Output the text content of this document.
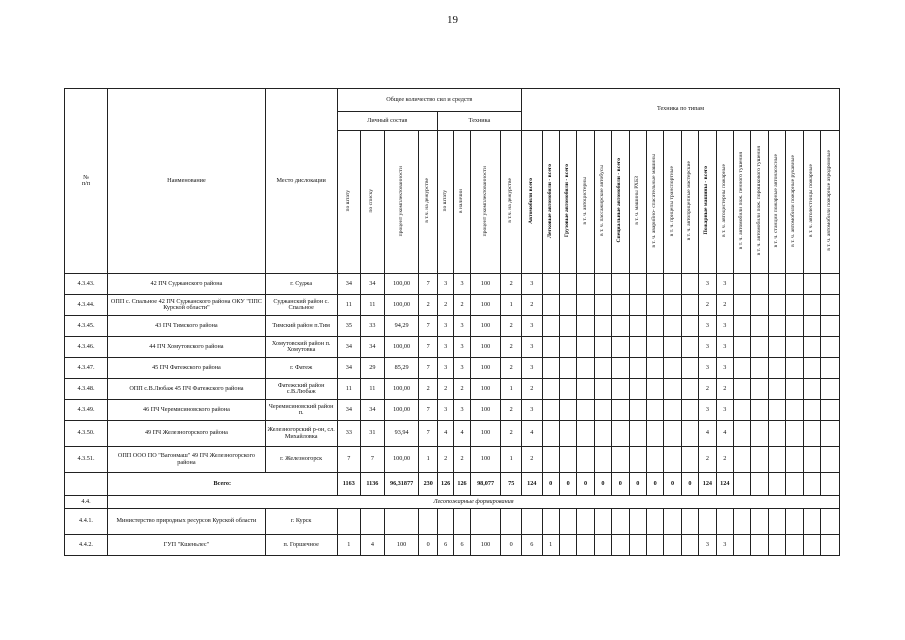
19
№
п/п	Наименование	Место дислокации	Общее количество сил и средств								Техника по типам																	
			Личный состав				Техника																					
			по штату	по списку	процент укомплектованности	в т.ч. на дежурстве	по штату	в наличии	процент укомплектованности	в т.ч. на дежурстве	Автомобили всего	Легковые автомобили - всего	Грузовые автомобили - всего	в т. ч. автоцистерны	в т. ч. пассажирские автобусы	Специальные автомобили - всего	в т. ч. машины РХБЗ	в т. ч. аварийно- спасательные машины	в т. ч. прицепы транспортные	в т. ч. автоприцепные мастерские	Пожарные машины - всего	в т. ч. автоцистерны пожарные	в т. ч. автомобили пож. пенного тушения	в т. ч. автомобили пож. порошкового тушения	в т. ч. станции пожарные автонасосные	в т. ч. автомобили пожарные рукавные	в т. ч. автолестницы пожарные	в т. ч. автомобили пожарные аэродромные
4.3.43.	42 ПЧ Суджанского района	г. Суджа	34	34	100,00	7	3	3	100	2	3										3	3						
4.3.44.	ОПП с. Спальное 42 ПЧ Суджанского района ОКУ "ППС Курской области"	Суджанский район с. Спальное	11	11	100,00	2	2	2	100	1	2										2	2						
4.3.45.	43 ПЧ Тимского района	Тимский район п.Тим	35	33	94,29	7	3	3	100	2	3										3	3						
4.3.46.	44 ПЧ Хомутовского района	Хомутовский район п. Хомутовка	34	34	100,00	7	3	3	100	2	3										3	3						
4.3.47.	45 ПЧ Фатежского района	г. Фатеж	34	29	85,29	7	3	3	100	2	3										3	3						
4.3.48.	ОПП с.В.Любаж 45 ПЧ Фатежского района	Фатежский район с.В.Любаж	11	11	100,00	2	2	2	100	1	2										2	2						
4.3.49.	46 ПЧ Черемисиновского района	Черемисиновский район п.	34	34	100,00	7	3	3	100	2	3										3	3						
4.3.50.	49 ПЧ Железногорского района	Железногорский р-он, сл. Михайловка	33	31	93,94	7	4	4	100	2	4										4	4						
4.3.51.	ОПП ООО ПО "Вагонмаш" 49 ПЧ Железногорского района	г. Железногорск	7	7	100,00	1	2	2	100	1	2										2	2						
	Всего:		1163	1136	96,31877	230	126	126	98,077	75	124	0	0	0	0	0	0	0	0	0	124	124						
4.4.	Лесопожарные формирования																											
4.4.1.	Министерство природных ресурсов Курской области	г. Курск																										
4.4.2.	ГУП "Кшеньлес"	п. Горшечное	1	4	100	0	6	6	100	0	6	1									3	3						
